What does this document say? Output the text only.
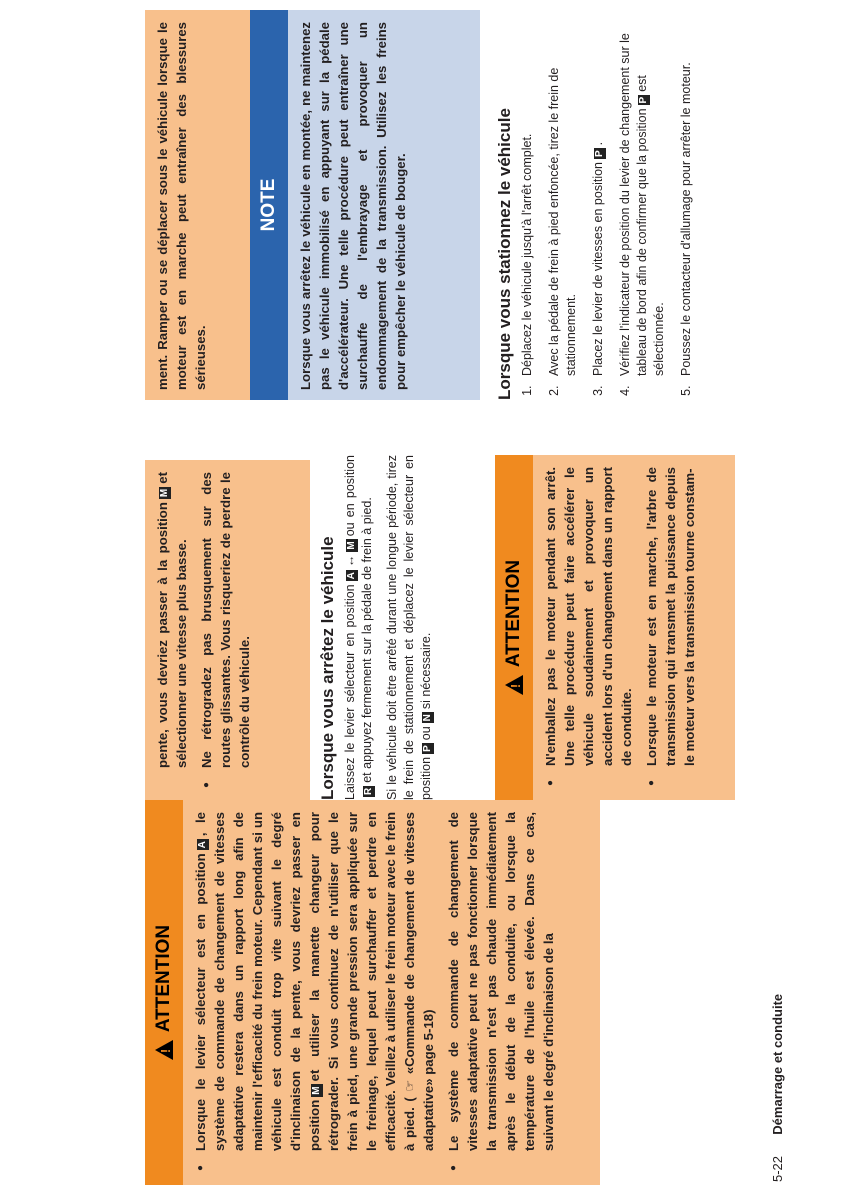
!
ATTENTION ● Lorsque le levier sélecteur est en positionA, le système de commande de changement de vitesses adaptative restera dans un rapport long afin de maintenir l'efficacité du frein moteur. Cependant si un véhicule est conduit trop vite suivant le degré d'inclinaison de la pente, vous devriez passer en positionMet utiliser la manette changeur pour rétrograder. Si vous continuez de n'utiliser que le frein à pied, une grande pression sera appliquée sur le freinage, lequel peut surchauffer et perdre en efficacité. Veillez à utiliser le frein moteur avec le frein à pied. ( ☞ «Commande de changement de vitesses adaptative» page 5-18) ● Le système de commande de changement de vitesses adaptative peut ne pas fonctionner lorsque la transmission n'est pas chaude immédiatement après le début de la conduite, ou lorsque la température de l'huile est élevée. Dans ce cas, suivant le degré d'inclinaison de la
pente, vous devriez passer à la positionMet sélectionner une vitesse plus basse. ● Ne rétrogradez pas brusquement sur des routes glissantes. Vous risqueriez de perdre le contrôle du véhicule.	Lorsque vous arrêtez le véhicule Laissez le levier sélecteur en positionA↔Mou en positionRet appuyez fermement sur la pédale de frein à pied. Si le véhicule doit être arrêté durant une longue période, tirez le frein de stationnement et déplacez le levier sélecteur en positionPouNsi nécessaire.
!
ATTENTION ● N'emballez pas le moteur pendant son arrêt. Une telle procédure peut faire accélérer le véhicule soudainement et provoquer un accident lors d'un changement dans un rapport de conduite. ● Lorsque le moteur est en marche, l'arbre de transmission qui transmet la puissance depuis le moteur vers la transmission tourne constam-
ment. Ramper ou se déplacer sous le véhicule lorsque le moteur est en marche peut entraîner des blessures sérieuses.
NOTE Lorsque vous arrêtez le véhicule en montée, ne maintenez pas le véhicule immobilisé en appuyant sur la pédale d'accélérateur. Une telle procédure peut entraîner une surchauffe de l'embrayage et provoquer un endommagement de la transmission. Utilisez les freins pour empêcher le véhicule de bouger.	Lorsque vous stationnez le véhicule 1. Déplacez le véhicule jusqu'à l'arrêt complet. 2. Avec la pédale de frein à pied enfoncée, tirez le frein de stationnement. 3. Placez le levier de vitesses en positionP. 4. Vérifiez l'indicateur de position du levier de changement sur le tableau de bord afin de confirmer que la positionPest sélectionnée. 5. Poussez le contacteur d'allumage pour arrêter le moteur.
5-22  Démarrage et conduite
